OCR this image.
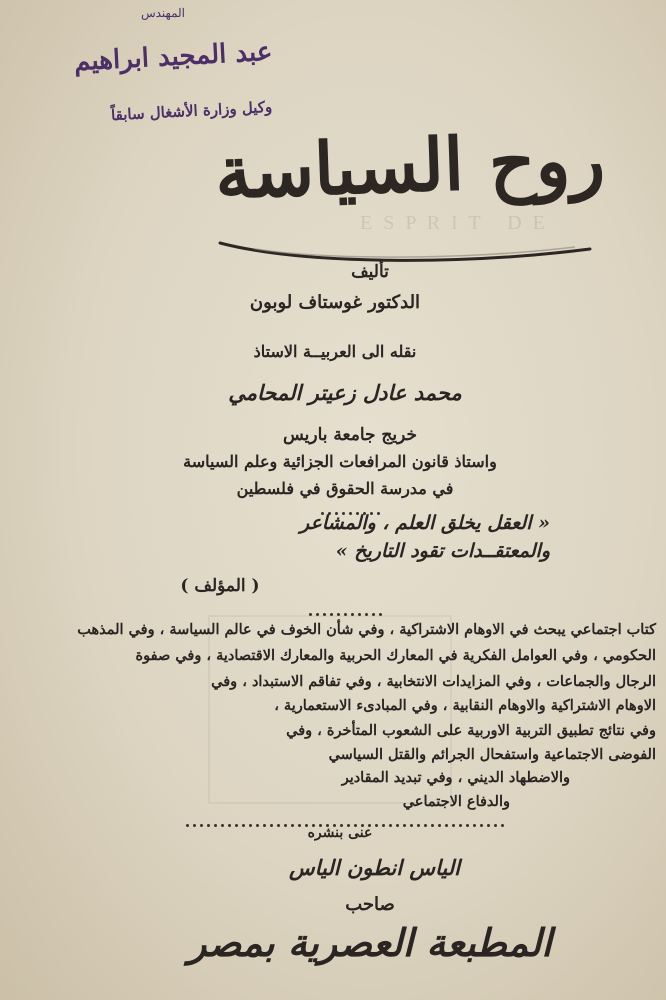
E S P R I T   D E
المهندس
عبد المجيد ابراهيم
وكيل وزارة الأشغال سابقاً
روح السياسة
تأليف
الدكتور غوستاف لوبون
نقله الى العربيــة الاستاذ
محمد عادل زعيتر المحامي
خريج جامعة باريس
واستاذ قانون المرافعات الجزائية وعلم السياسة
في مدرسة الحقوق في فلسطين
« العقل يخلق العلم ، والمشاعر
والمعتقــدات تقود التاريخ »
( المؤلف )
كتاب اجتماعي يبحث في الاوهام الاشتراكية ، وفي شأن الخوف في عالم السياسة ، وفي المذهب
الحكومي ، وفي العوامل الفكرية في المعارك الحربية والمعارك الاقتصادية ، وفي صفوة
الرجال والجماعات ، وفي المزايدات الانتخابية ، وفي تفاقم الاستبداد ، وفي
الاوهام الاشتراكية والاوهام النقابية ، وفي المبادىء الاستعمارية ،
وفي نتائج تطبيق التربية الاوربية على الشعوب المتأخرة ، وفي
الفوضى الاجتماعية واستفحال الجرائم والقتل السياسي
والاضطهاد الديني ، وفي تبديد المقادير
والدفاع الاجتماعي
عنى بنشره
الياس انطون الياس
صاحب
المطبعة العصرية بمصر
